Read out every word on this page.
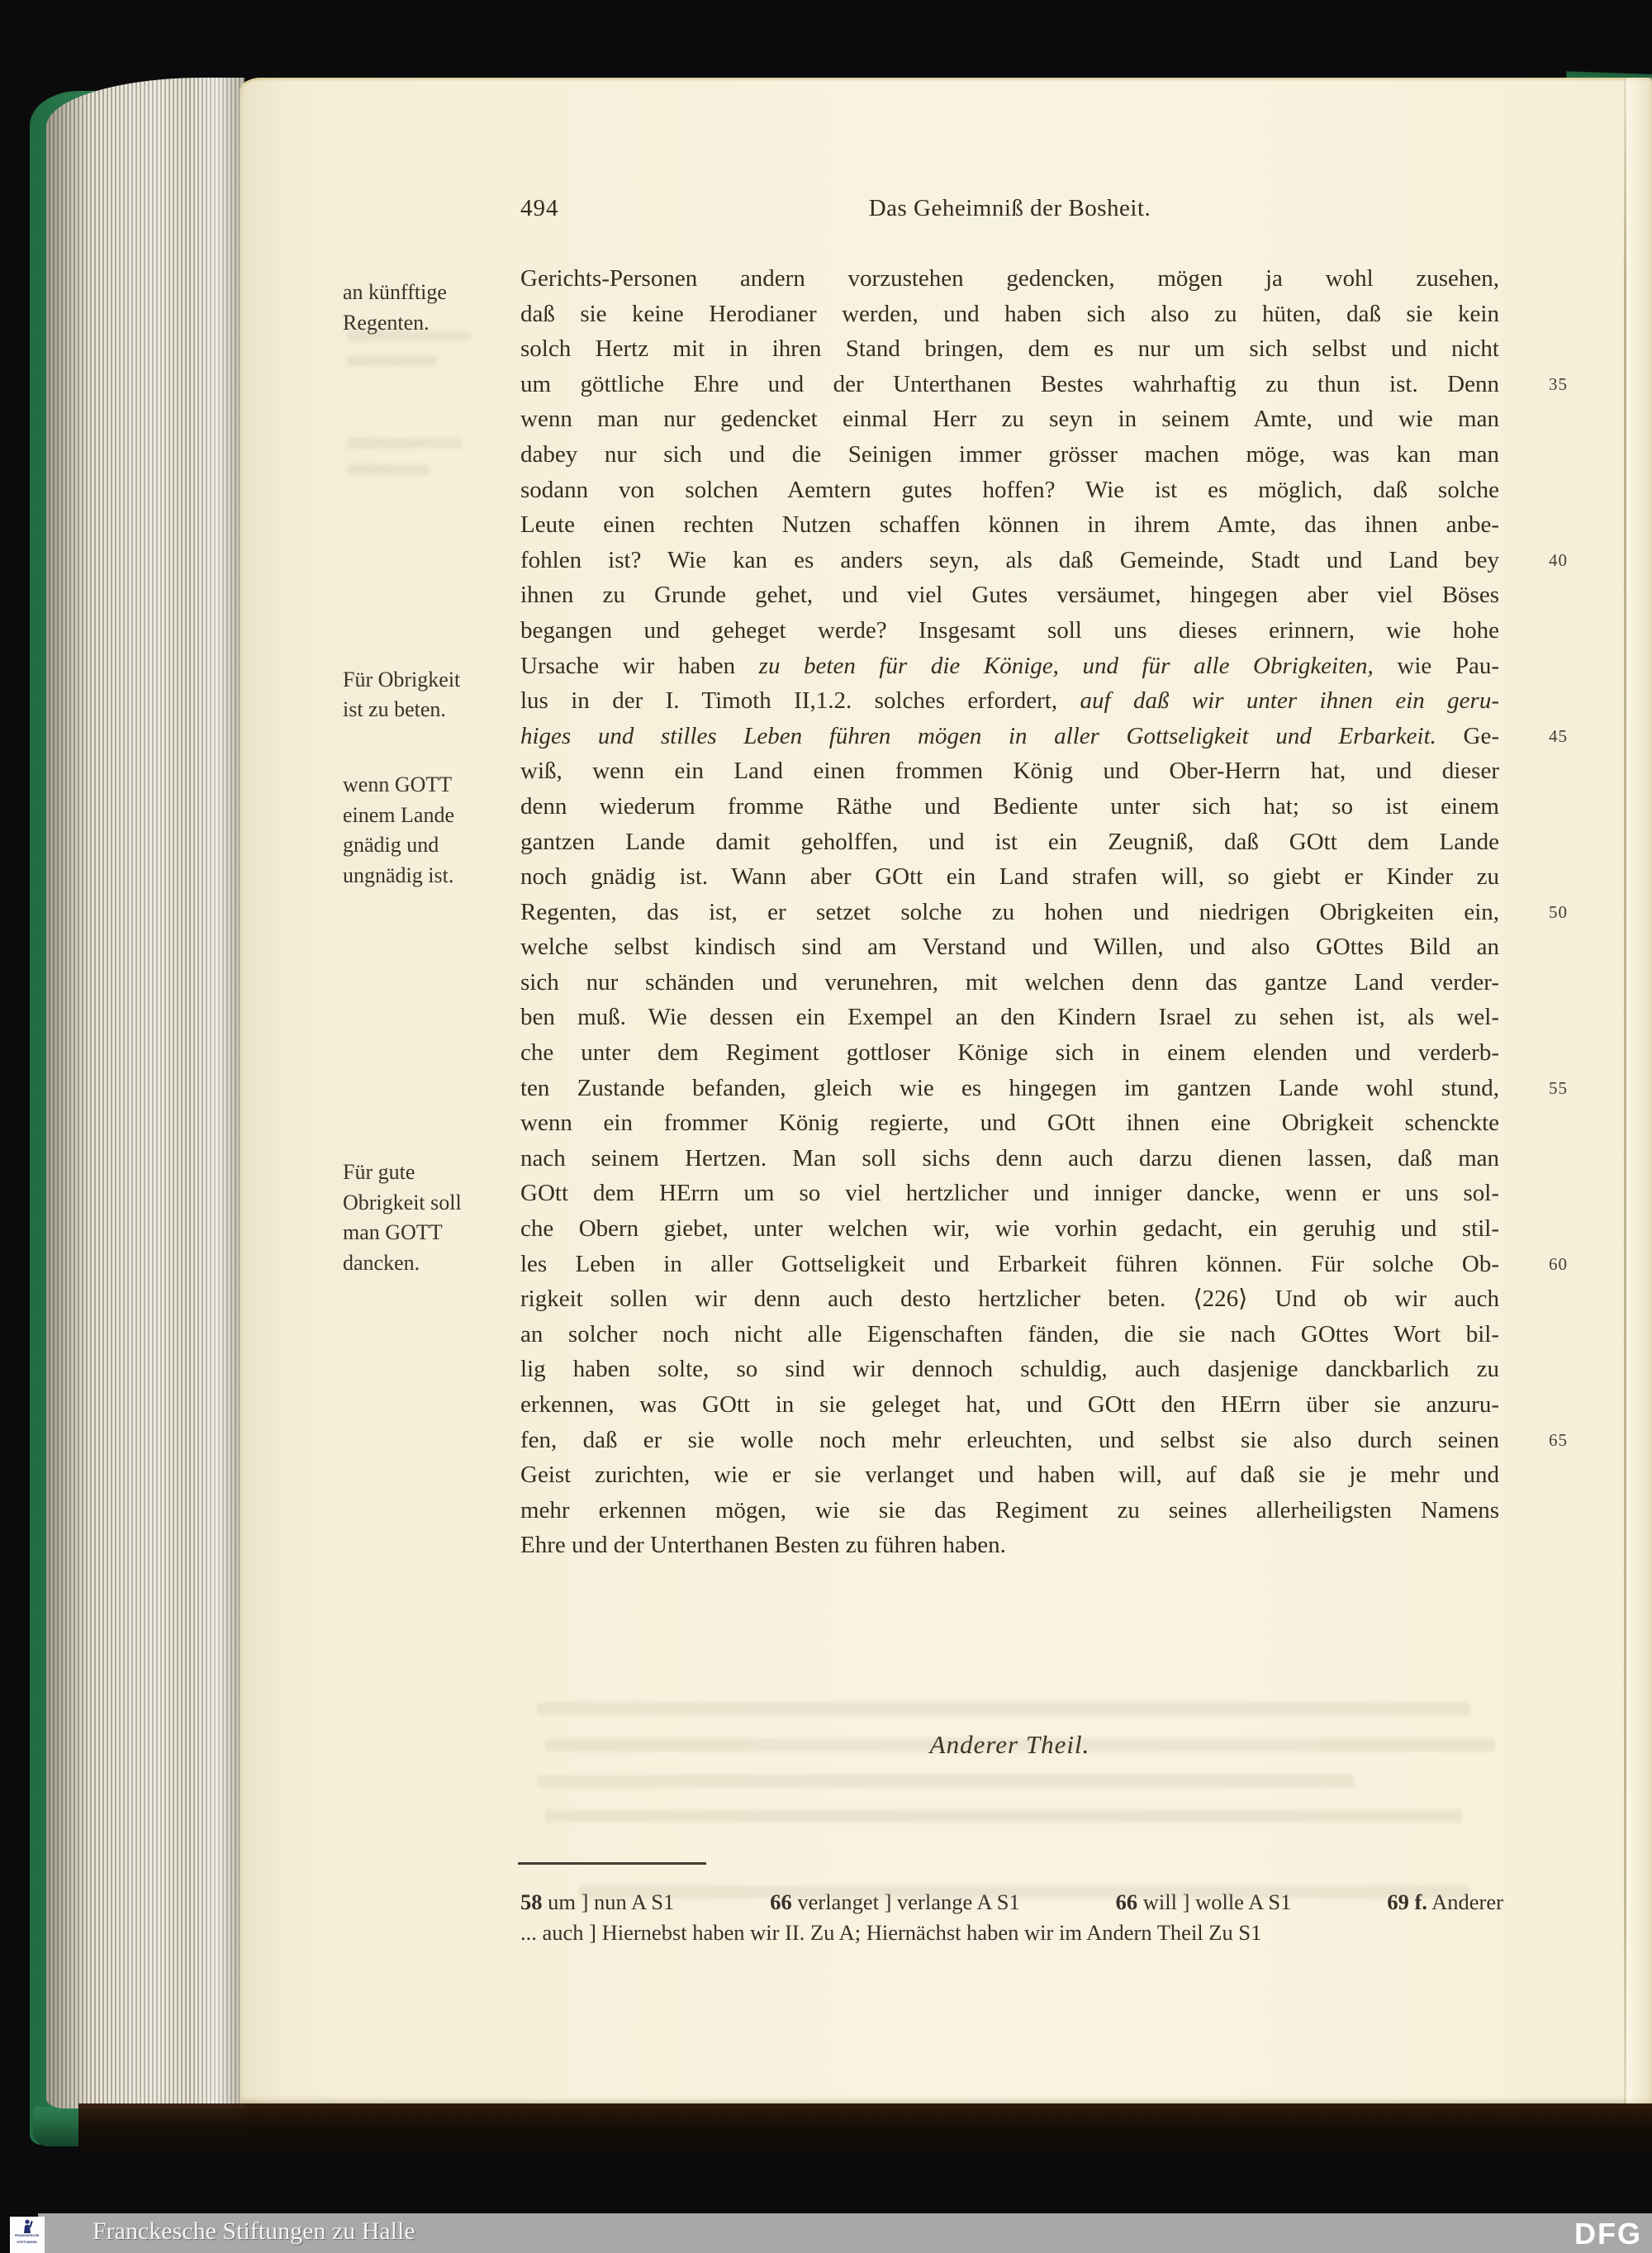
494	Das Geheimniß der Bosheit.
an künfftige
Regenten.
Für Obrigkeit
ist zu beten.
wenn GOTT
einem Lande
gnädig und
ungnädig ist.
Für gute
Obrigkeit soll
man GOTT
dancken.
Gerichts-Personen andern vorzustehen gedencken, mögen ja wohl zusehen,
daß sie keine Herodianer werden, und haben sich also zu hüten, daß sie kein
solch Hertz mit in ihren Stand bringen, dem es nur um sich selbst und nicht
um göttliche Ehre und der Unterthanen Bestes wahrhaftig zu thun ist. Denn	35
wenn man nur gedencket einmal Herr zu seyn in seinem Amte, und wie man
dabey nur sich und die Seinigen immer grösser machen möge, was kan man
sodann von solchen Aemtern gutes hoffen? Wie ist es möglich, daß solche
Leute einen rechten Nutzen schaffen können in ihrem Amte, das ihnen anbe-
fohlen ist? Wie kan es anders seyn, als daß Gemeinde, Stadt und Land bey	40
ihnen zu Grunde gehet, und viel Gutes versäumet, hingegen aber viel Böses
begangen und geheget werde? Insgesamt soll uns dieses erinnern, wie hohe
Ursache wir haben zu beten für die Könige, und für alle Obrigkeiten, wie Pau-
lus in der I. Timoth II,1.2. solches erfordert, auf daß wir unter ihnen ein geru-
higes und stilles Leben führen mögen in aller Gottseligkeit und Erbarkeit. Ge-	45
wiß, wenn ein Land einen frommen König und Ober-Herrn hat, und dieser
denn wiederum fromme Räthe und Bediente unter sich hat; so ist einem
gantzen Lande damit geholffen, und ist ein Zeugniß, daß GOtt dem Lande
noch gnädig ist. Wann aber GOtt ein Land strafen will, so giebt er Kinder zu
Regenten, das ist, er setzet solche zu hohen und niedrigen Obrigkeiten ein,	50
welche selbst kindisch sind am Verstand und Willen, und also GOttes Bild an
sich nur schänden und verunehren, mit welchen denn das gantze Land verder-
ben muß. Wie dessen ein Exempel an den Kindern Israel zu sehen ist, als wel-
che unter dem Regiment gottloser Könige sich in einem elenden und verderb-
ten Zustande befanden, gleich wie es hingegen im gantzen Lande wohl stund,	55
wenn ein frommer König regierte, und GOtt ihnen eine Obrigkeit schenckte
nach seinem Hertzen. Man soll sichs denn auch darzu dienen lassen, daß man
GOtt dem HErrn um so viel hertzlicher und inniger dancke, wenn er uns sol-
che Obern giebet, unter welchen wir, wie vorhin gedacht, ein geruhig und stil-
les Leben in aller Gottseligkeit und Erbarkeit führen können. Für solche Ob-	60
rigkeit sollen wir denn auch desto hertzlicher beten. ⟨226⟩ Und ob wir auch
an solcher noch nicht alle Eigenschaften fänden, die sie nach GOttes Wort bil-
lig haben solte, so sind wir dennoch schuldig, auch dasjenige danckbarlich zu
erkennen, was GOtt in sie geleget hat, und GOtt den HErrn über sie anzuru-
fen, daß er sie wolle noch mehr erleuchten, und selbst sie also durch seinen	65
Geist zurichten, wie er sie verlanget und haben will, auf daß sie je mehr und
mehr erkennen mögen, wie sie das Regiment zu seines allerheiligsten Namens
Ehre und der Unterthanen Besten zu führen haben.
Anderer Theil.
58 um ] nun A S1	66 verlanget ] verlange A S1	66 will ] wolle A S1	69 f. Anderer
... auch ] Hiernebst haben wir II. Zu A; Hiernächst haben wir im Andern Theil Zu S1
Franckesche Stiftungen zu Halle	DFG
FRANCKESCHE
STIFTUNGEN
